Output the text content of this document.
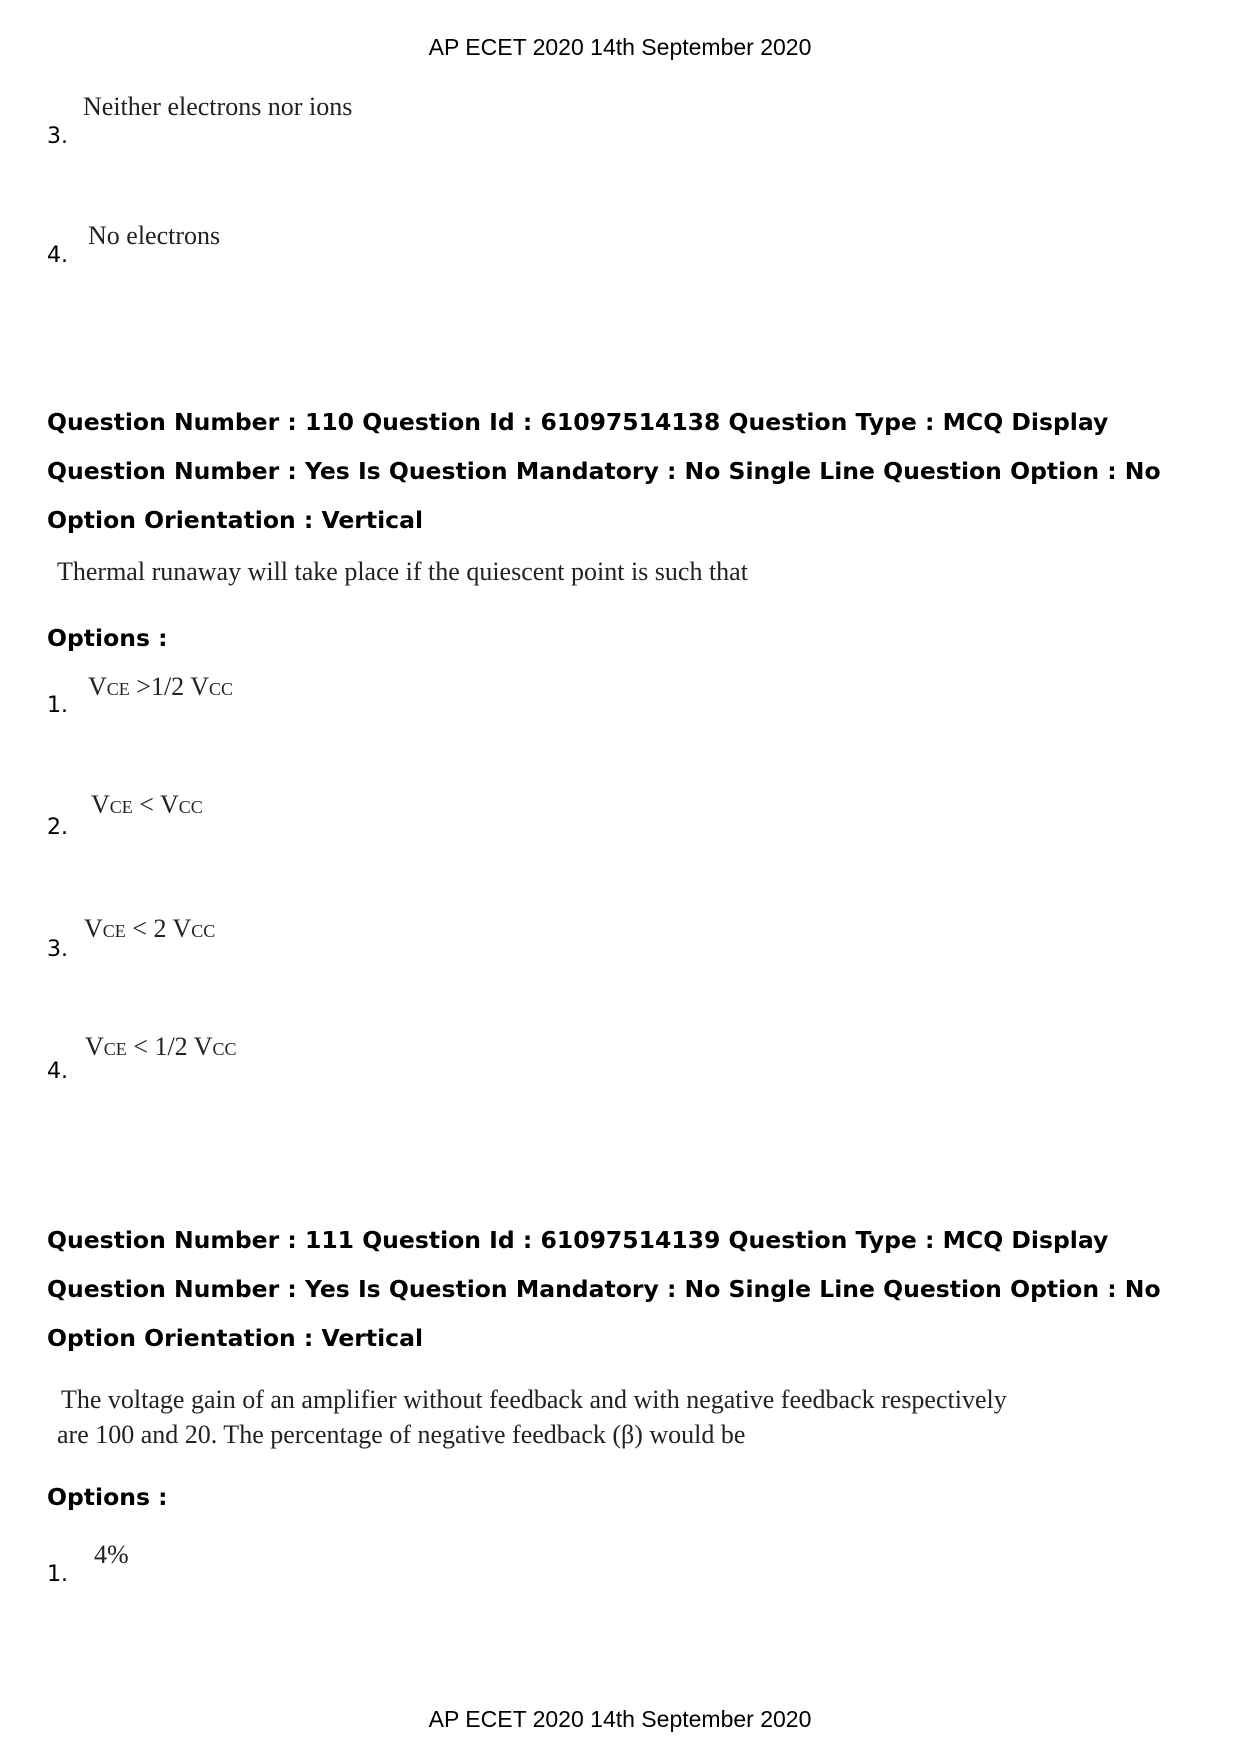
AP ECET 2020 14th September 2020
3.
Neither electrons nor ions
4.
No electrons

Question Number : 110 Question Id : 61097514138 Question Type : MCQ Display Question Number : Yes Is Question Mandatory : No Single Line Question Option : No Option Orientation : Vertical

Thermal runaway will take place if the quiescent point is such that
Options :
1.
VCE >1/2 VCC
2.
VCE < VCC
3.
VCE < 2 VCC
4.
VCE < 1/2 VCC

Question Number : 111 Question Id : 61097514139 Question Type : MCQ Display Question Number : Yes Is Question Mandatory : No Single Line Question Option : No Option Orientation : Vertical

The voltage gain of an amplifier without feedback and with negative feedback respectively
are 100 and 20. The percentage of negative feedback (β) would be
Options :
1.
4%
AP ECET 2020 14th September 2020
